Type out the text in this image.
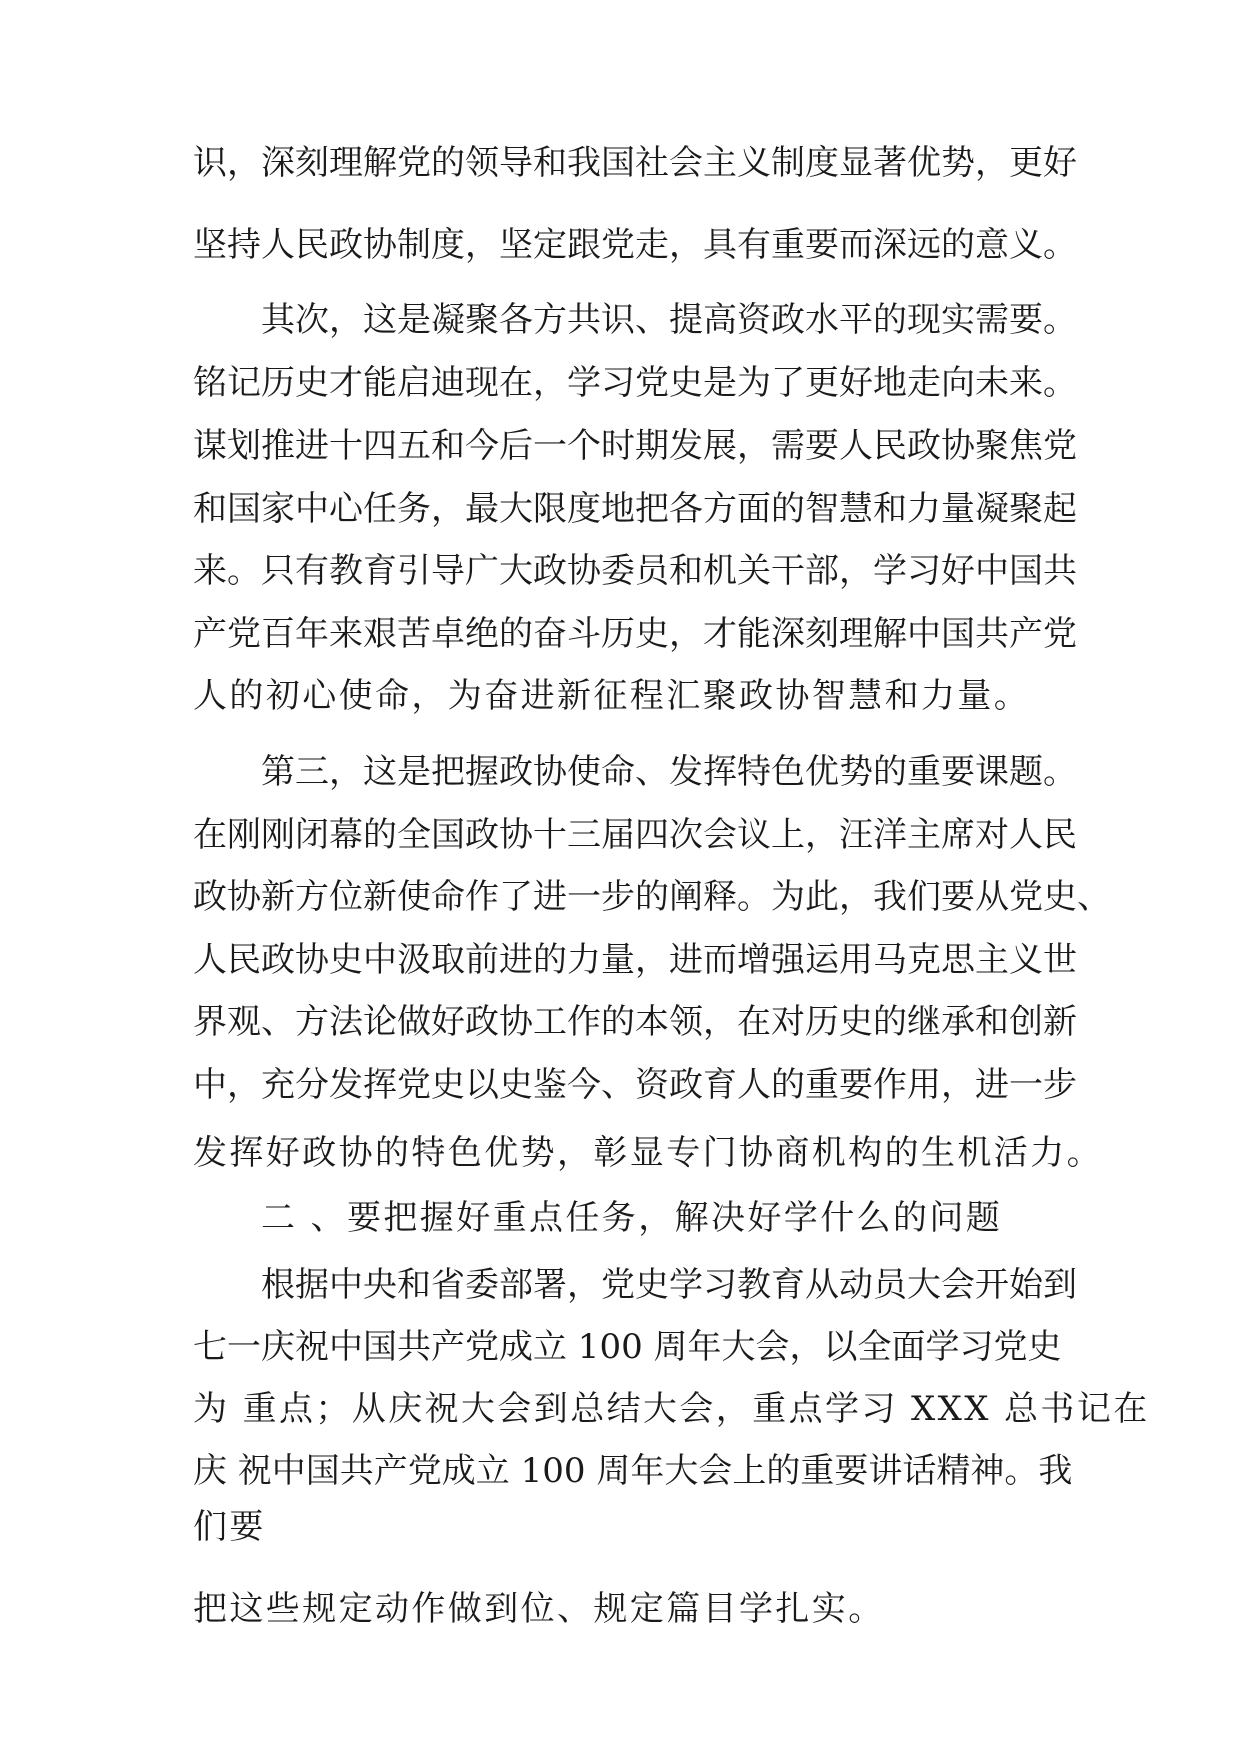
识，深刻理解党的领导和我国社会主义制度显著优势，更好
坚持人民政协制度，坚定跟党走，具有重要而深远的意义。
其次，这是凝聚各方共识、提高资政水平的现实需要。
铭记历史才能启迪现在，学习党史是为了更好地走向未来。
谋划推进十四五和今后一个时期发展，需要人民政协聚焦党
和国家中心任务，最大限度地把各方面的智慧和力量凝聚起
来。只有教育引导广大政协委员和机关干部，学习好中国共
产党百年来艰苦卓绝的奋斗历史，才能深刻理解中国共产党
人的初心使命，为奋进新征程汇聚政协智慧和力量。
第三，这是把握政协使命、发挥特色优势的重要课题。
在刚刚闭幕的全国政协十三届四次会议上，汪洋主席对人民
政协新方位新使命作了进一步的阐释。为此，我们要从党史、
人民政协史中汲取前进的力量，进而增强运用马克思主义世
界观、方法论做好政协工作的本领，在对历史的继承和创新
中，充分发挥党史以史鉴今、资政育人的重要作用，进一步
发挥好政协的特色优势，彰显专门协商机构的生机活力。
二 、要把握好重点任务，解决好学什么的问题
根据中央和省委部署，党史学习教育从动员大会开始到
七一庆祝中国共产党成立 100 周年大会，以全面学习党史
为 重点；从庆祝大会到总结大会，重点学习 XXX 总书记在
庆 祝中国共产党成立 100 周年大会上的重要讲话精神。我
们要
把这些规定动作做到位、规定篇目学扎实。
